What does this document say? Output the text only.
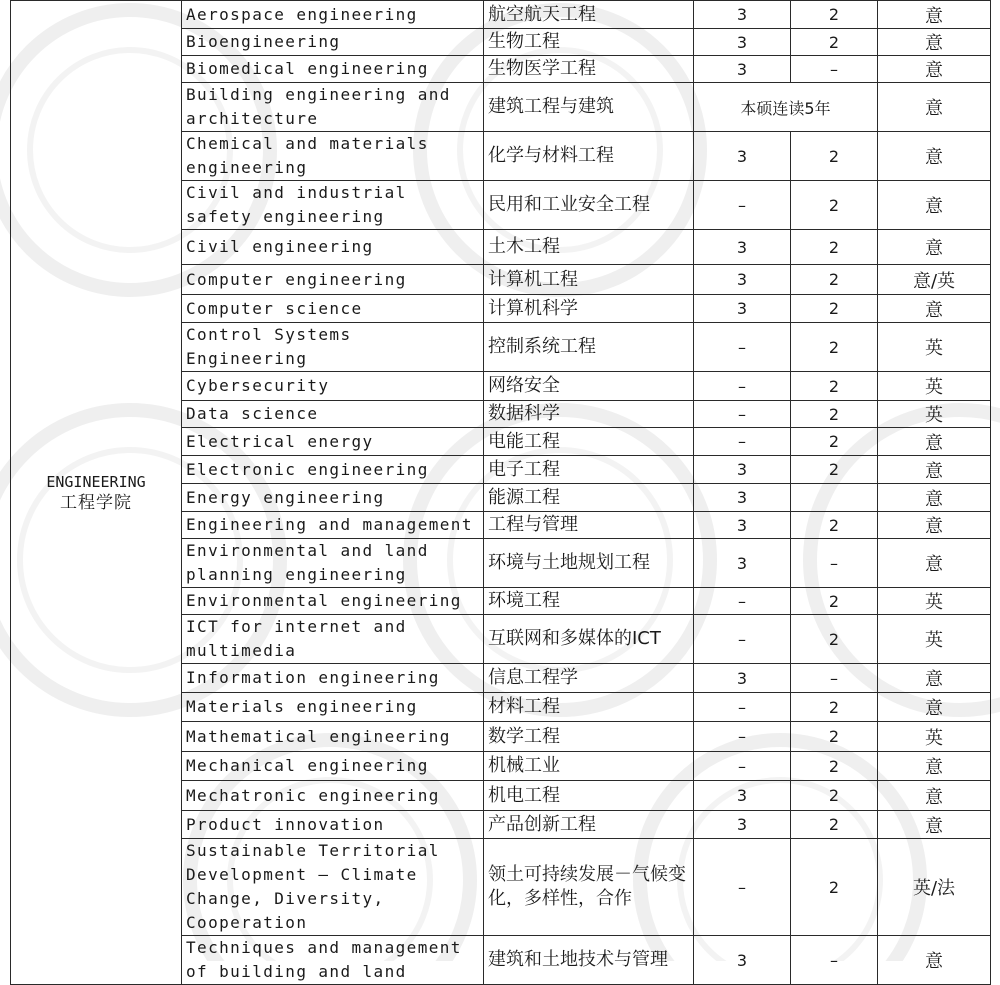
ENGINEERING
工程学院	Aerospace engineering	航空航天工程	3	2	意
	Bioengineering	生物工程	3	2	意
	Biomedical engineering	生物医学工程	3	–	意
	Building engineering and architecture	建筑工程与建筑	本硕连读5年		意
	Chemical and materials engineering	化学与材料工程	3	2	意
	Civil and industrial safety engineering	民用和工业安全工程	–	2	意
	Civil engineering	土木工程	3	2	意
	Computer engineering	计算机工程	3	2	意/英
	Computer science	计算机科学	3	2	意
	Control Systems Engineering	控制系统工程	–	2	英
	Cybersecurity	网络安全	–	2	英
	Data science	数据科学	–	2	英
	Electrical energy	电能工程	–	2	意
	Electronic engineering	电子工程	3	2	意
	Energy engineering	能源工程	3		意
	Engineering and management	工程与管理	3	2	意
	Environmental and land planning engineering	环境与土地规划工程	3	–	意
	Environmental engineering	环境工程	–	2	英
	ICT for internet and multimedia	互联网和多媒体的ICT	–	2	英
	Information engineering	信息工程学	3	–	意
	Materials engineering	材料工程	–	2	意
	Mathematical engineering	数学工程	–	2	英
	Mechanical engineering	机械工业	–	2	意
	Mechatronic engineering	机电工程	3	2	意
	Product innovation	产品创新工程	3	2	意
	Sustainable Territorial Development – Climate Change, Diversity, Cooperation	领土可持续发展－气候变化，多样性，合作	–	2	英/法
	Techniques and management of building and land	建筑和土地技术与管理	3	–	意
